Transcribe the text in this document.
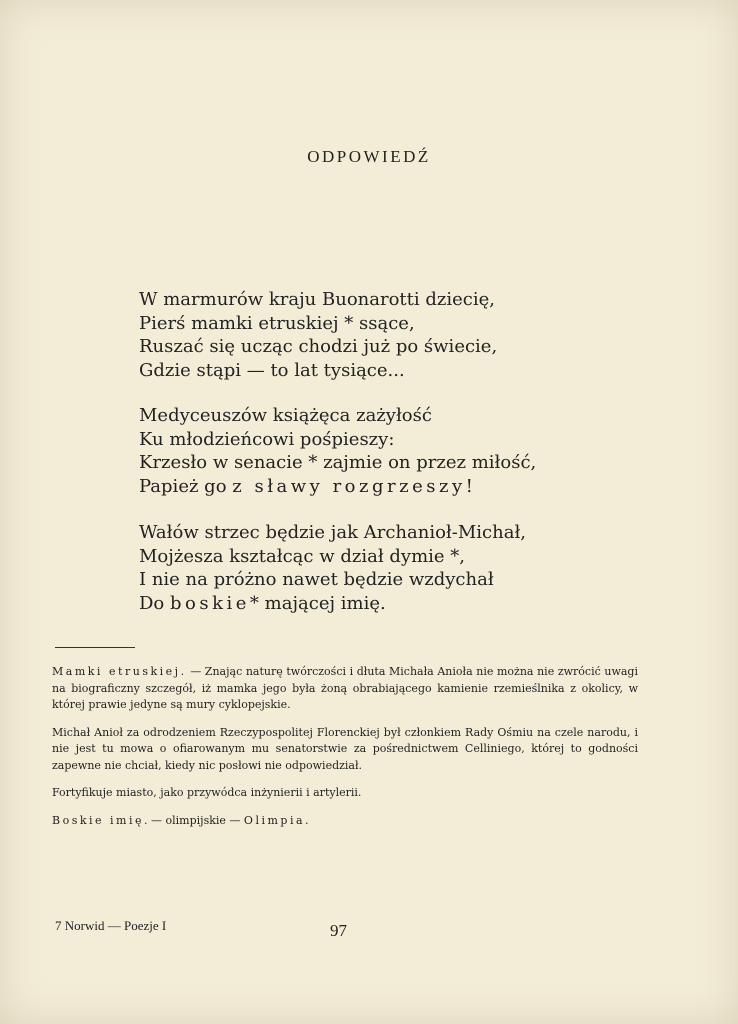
ODPOWIEDŹ
W marmurów kraju Buonarotti dziecię,
Pierś mamki etruskiej * ssące,
Ruszać się ucząc chodzi już po świecie,
Gdzie stąpi — to lat tysiące...
Medyceuszów książęca zażyłość
Ku młodzieńcowi pośpieszy:
Krzesło w senacie * zajmie on przez miłość,
Papież go z sławy rozgrzeszy!
Wałów strzec będzie jak Archanioł-Michał,
Mojżesza kształcąc w dział dymie *,
I nie na próżno nawet będzie wzdychał
Do boskie* mającej imię.

Mamki etruskiej. — Znając naturę twórczości i dłuta Michała Anioła nie można nie zwrócić uwagi na biograficzny szczegół, iż mamka jego była żoną obrabiającego kamienie rzemieślnika z okolicy, w której prawie jedyne są mury cyklopejskie.

Michał Anioł za odrodzeniem Rzeczypospolitej Florenckiej był członkiem Rady Ośmiu na czele narodu, i nie jest tu mowa o ofiarowanym mu senatorstwie za pośrednictwem Celliniego, której to godności zapewne nie chciał, kiedy nic posłowi nie odpowiedział.

Fortyfikuje miasto, jako przywódca inżynierii i artylerii.

Boskie imię. — olimpijskie — Olimpia.

7 Norwid — Poezje I	97
